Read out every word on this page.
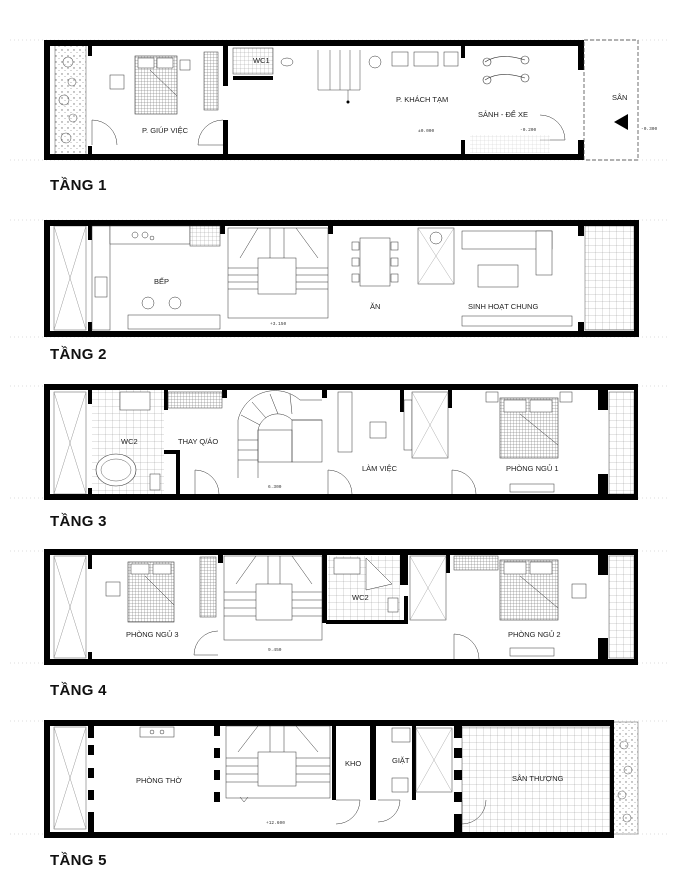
P. GIÚP VIỆC
WC1
P. KHÁCH TẠM
SẢNH - ĐỂ XE
SÂN
±0.000	-0.200	-0.300
BẾP
ĂN	SINH HOẠT CHUNG
+3.150
WC2	THAY Q/ÁO
LÀM VIỆC	PHÒNG NGỦ 1
6.300
PHÒNG NGỦ 3
WC2
PHÒNG NGỦ 2
9.450
PHÒNG THỜ
KHO	GIẶT
SÂN THƯỢNG
+12.600
TẦNG 1
TẦNG 2
TẦNG 3
TẦNG 4
TẦNG 5
